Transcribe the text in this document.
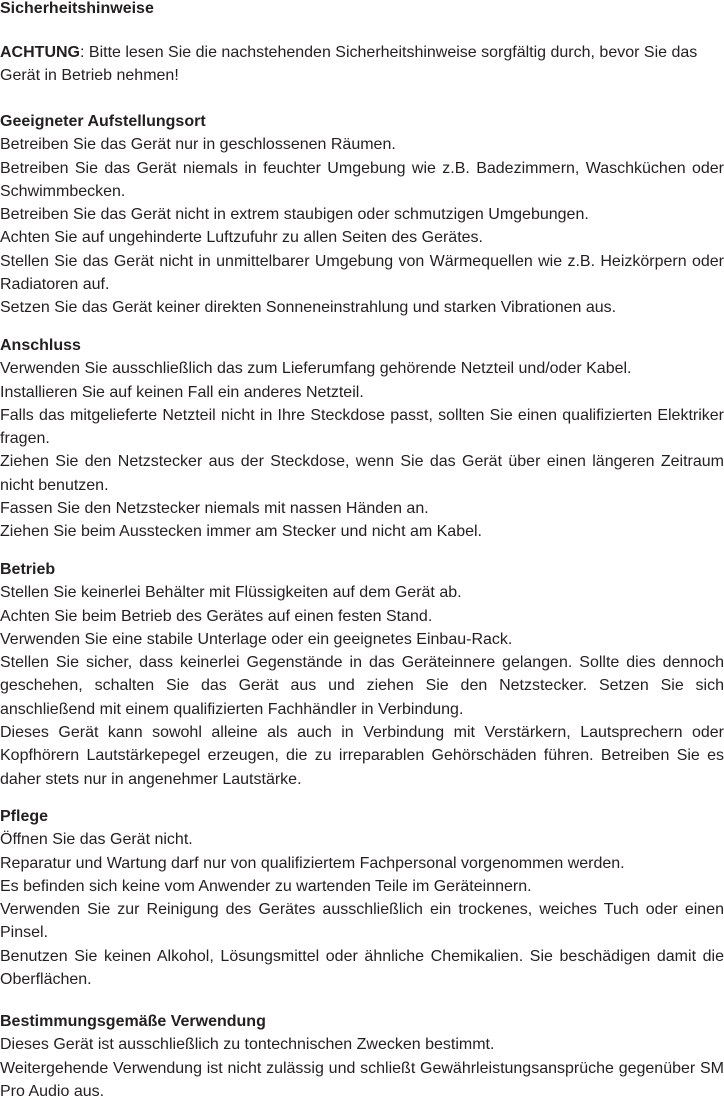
Sicherheitshinweise
ACHTUNG: Bitte lesen Sie die nachstehenden Sicherheitshinweise sorgfältig durch, bevor Sie das Gerät in Betrieb nehmen!
Geeigneter Aufstellungsort

Betreiben Sie das Gerät nur in geschlossenen Räumen.

Betreiben Sie das Gerät niemals in feuchter Umgebung wie z.B. Badezimmern, Waschküchen oder Schwimmbecken.

Betreiben Sie das Gerät nicht in extrem staubigen oder schmutzigen Umgebungen.

Achten Sie auf ungehinderte Luftzufuhr zu allen Seiten des Gerätes.

Stellen Sie das Gerät nicht in unmittelbarer Umgebung von Wärmequellen wie z.B. Heizkörpern oder Radiatoren auf.

Setzen Sie das Gerät keiner direkten Sonneneinstrahlung und starken Vibrationen aus.

Anschluss

Verwenden Sie ausschließlich das zum Lieferumfang gehörende Netzteil und/oder Kabel.

Installieren Sie auf keinen Fall ein anderes Netzteil.

Falls das mitgelieferte Netzteil nicht in Ihre Steckdose passt, sollten Sie einen qualifizierten Elektriker fragen.

Ziehen Sie den Netzstecker aus der Steckdose, wenn Sie das Gerät über einen längeren Zeitraum nicht benutzen.

Fassen Sie den Netzstecker niemals mit nassen Händen an.

Ziehen Sie beim Ausstecken immer am Stecker und nicht am Kabel.

Betrieb

Stellen Sie keinerlei Behälter mit Flüssigkeiten auf dem Gerät ab.

Achten Sie beim Betrieb des Gerätes auf einen festen Stand.

Verwenden Sie eine stabile Unterlage oder ein geeignetes Einbau-Rack.

Stellen Sie sicher, dass keinerlei Gegenstände in das Geräteinnere gelangen. Sollte dies dennoch geschehen, schalten Sie das Gerät aus und ziehen Sie den Netzstecker. Setzen Sie sich anschließend mit einem qualifizierten Fachhändler in Verbindung.

Dieses Gerät kann sowohl alleine als auch in Verbindung mit Verstärkern, Lautsprechern oder Kopfhörern Lautstärkepegel erzeugen, die zu irreparablen Gehörschäden führen. Betreiben Sie es daher stets nur in angenehmer Lautstärke.

Pflege

Öffnen Sie das Gerät nicht.

Reparatur und Wartung darf nur von qualifiziertem Fachpersonal vorgenommen werden.

Es befinden sich keine vom Anwender zu wartenden Teile im Geräteinnern.

Verwenden Sie zur Reinigung des Gerätes ausschließlich ein trockenes, weiches Tuch oder einen Pinsel.

Benutzen Sie keinen Alkohol, Lösungsmittel oder ähnliche Chemikalien. Sie beschädigen damit die Oberflächen.

Bestimmungsgemäße Verwendung

Dieses Gerät ist ausschließlich zu tontechnischen Zwecken bestimmt.

Weitergehende Verwendung ist nicht zulässig und schließt Gewährleistungsansprüche gegenüber SM Pro Audio aus.
